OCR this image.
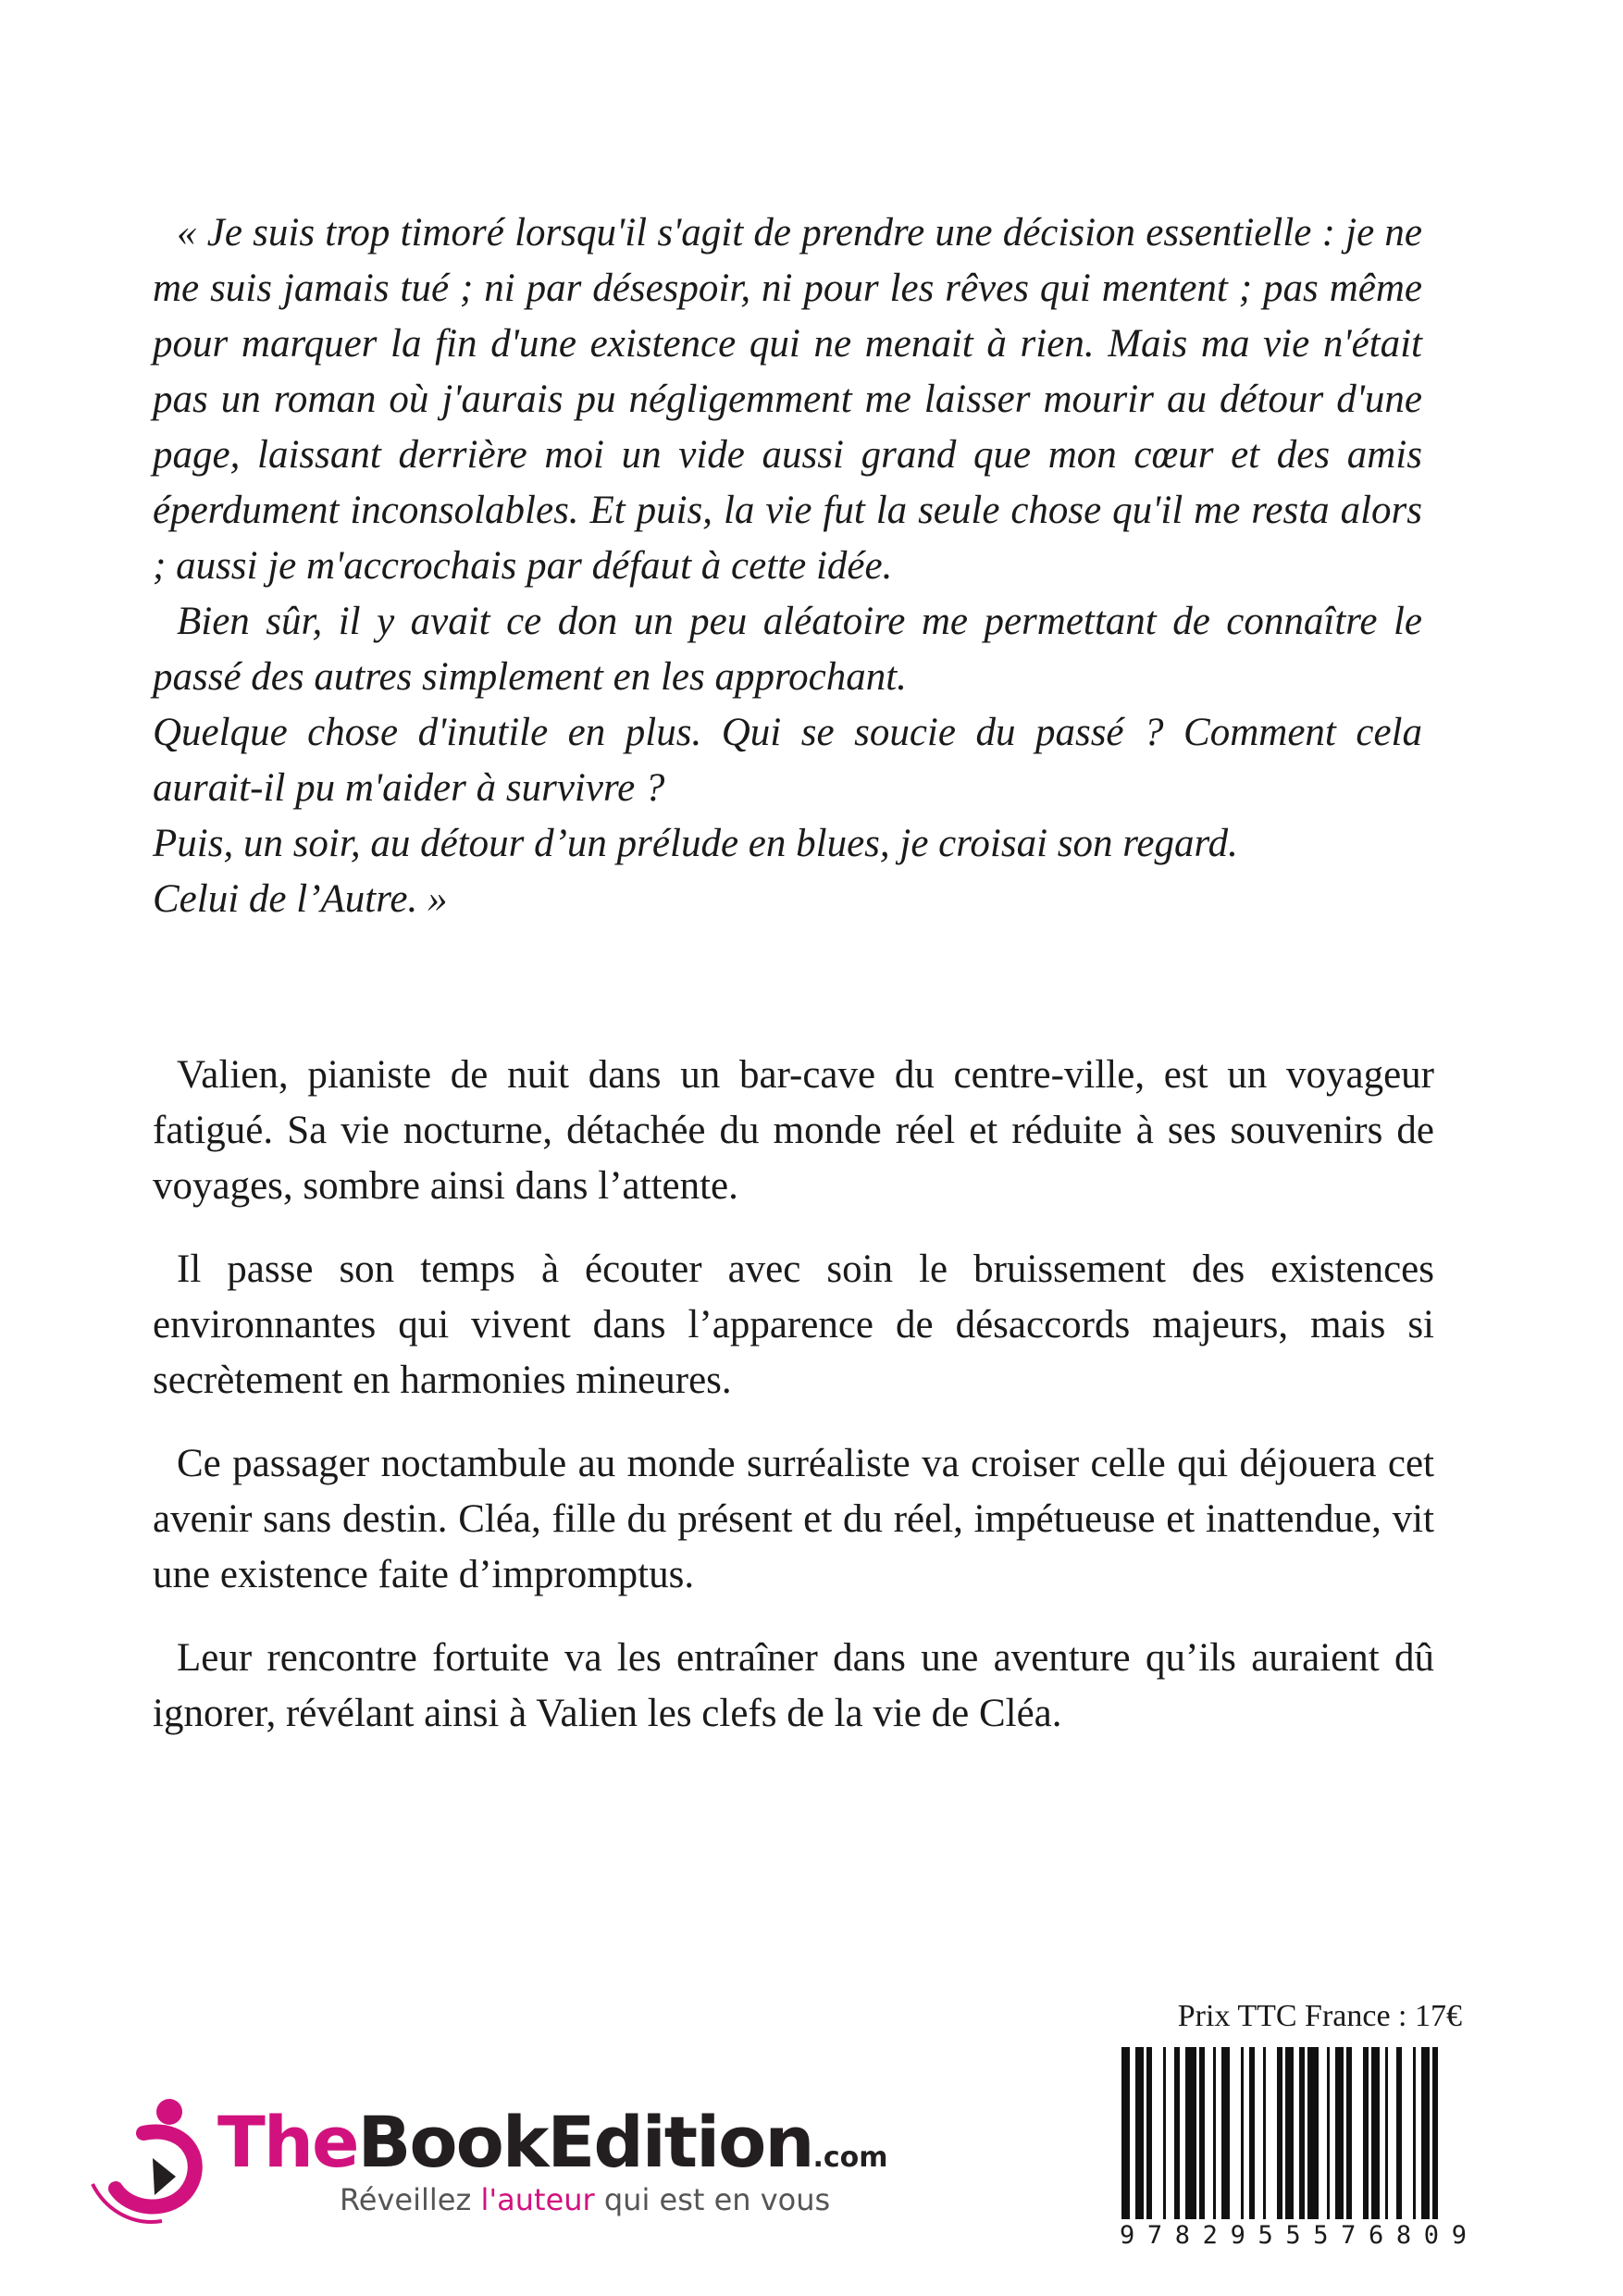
« Je suis trop timoré lorsqu'il s'agit de prendre une décision essentielle : je ne me suis jamais tué ; ni par désespoir, ni pour les rêves qui mentent ; pas même pour marquer la fin d'une existence qui ne menait à rien. Mais ma vie n'était pas un roman où j'aurais pu négligemment me laisser mourir au détour d'une page, laissant derrière moi un vide aussi grand que mon cœur et des amis éperdument inconsolables. Et puis, la vie fut la seule chose qu'il me resta alors ; aussi je m'accrochais par défaut à cette idée.

Bien sûr, il y avait ce don un peu aléatoire me permettant de connaître le passé des autres simplement en les approchant.

Quelque chose d'inutile en plus. Qui se soucie du passé ? Comment cela aurait-il pu m'aider à survivre ?

Puis, un soir, au détour d’un prélude en blues, je croisai son regard.

Celui de l’Autre. »

Valien, pianiste de nuit dans un bar-cave du centre-ville, est un voyageur fatigué. Sa vie nocturne, détachée du monde réel et réduite à ses souvenirs de voyages, sombre ainsi dans l’attente.

Il passe son temps à écouter avec soin le bruissement des existences environnantes qui vivent dans l’apparence de désaccords majeurs, mais si secrètement en harmonies mineures.

Ce passager noctambule au monde surréaliste va croiser celle qui déjouera cet avenir sans destin. Cléa, fille du présent et du réel, impétueuse et inattendue, vit une existence faite d’impromptus.

Leur rencontre fortuite va les entraîner dans une aventure qu’ils auraient dû ignorer, révélant ainsi à Valien les clefs de la vie de Cléa.

Prix TTC France : 17€
9 7 8 2 9 5 5 5 7 6 8 0 9
TheBookEdition.com
Réveillez l'auteur qui est en vous
